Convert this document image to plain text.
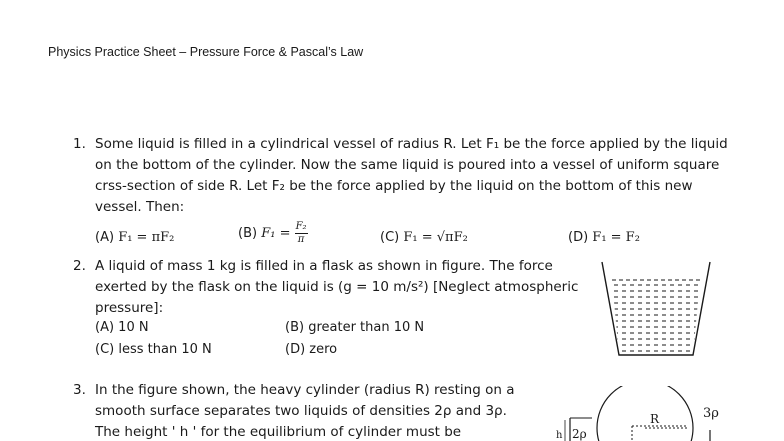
Physics Practice Sheet – Pressure Force & Pascal’s Law
1. Some liquid is filled in a cylindrical vessel of radius R. Let F₁ be the force applied by the liquid
on the bottom of the cylinder. Now the same liquid is poured into a vessel of uniform square
crss-section of side R. Let F₂ be the force applied by the liquid on the bottom of this new
vessel. Then:
(A) F₁ = πF₂	(B) $F_1 = \frac{\text{F₂}}{\pi}$	(C) F₁ = √πF₂	(D) F₁ = F₂
2. A liquid of mass 1 kg is filled in a flask as shown in figure. The force
exerted by the flask on the liquid is (g = 10 m/s²) [Neglect atmospheric
pressure]:
(A) 10 N	(B) greater than 10 N
(C) less than 10 N	(D) zero
3. In the figure shown, the heavy cylinder (radius R) resting on a
smooth surface separates two liquids of densities 2ρ and 3ρ.
The height ' h ' for the equilibrium of cylinder must be
R
2ρ
h
3ρ
